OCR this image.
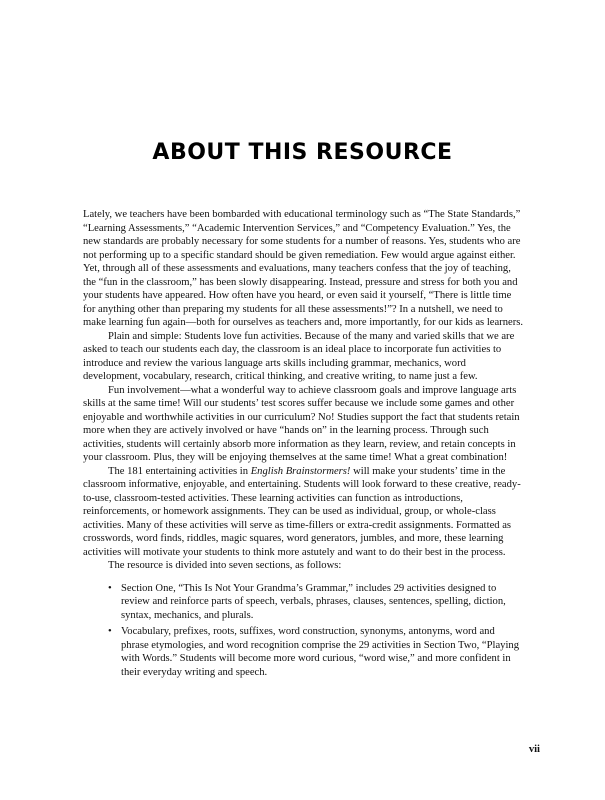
ABOUT THIS RESOURCE

Lately, we teachers have been bombarded with educational terminology such as “The State Standards,” “Learning Assessments,” “Academic Intervention Services,” and “Competency Evaluation.” Yes, the new standards are probably necessary for some students for a number of reasons. Yes, students who are not performing up to a specific standard should be given remediation. Few would argue against either. Yet, through all of these assessments and evaluations, many teachers confess that the joy of teaching, the “fun in the classroom,” has been slowly disappearing. Instead, pressure and stress for both you and your students have appeared. How often have you heard, or even said it yourself, “There is little time for anything other than preparing my students for all these assessments!”? In a nutshell, we need to make learning fun again—both for ourselves as teachers and, more importantly, for our kids as learners.

Plain and simple: Students love fun activities. Because of the many and varied skills that we are asked to teach our students each day, the classroom is an ideal place to incorporate fun activities to introduce and review the various language arts skills including grammar, mechanics, word development, vocabulary, research, critical thinking, and creative writing, to name just a few.

Fun involvement—what a wonderful way to achieve classroom goals and improve language arts skills at the same time! Will our students’ test scores suffer because we include some games and other enjoyable and worthwhile activities in our curriculum? No! Studies support the fact that students retain more when they are actively involved or have “hands on” in the learning process. Through such activities, students will certainly absorb more information as they learn, review, and retain concepts in your classroom. Plus, they will be enjoying themselves at the same time! What a great combination!

The 181 entertaining activities in English Brainstormers! will make your students’ time in the classroom informative, enjoyable, and entertaining. Students will look forward to these creative, ready-to-use, classroom-tested activities. These learning activities can function as introductions, reinforcements, or homework assignments. They can be used as individual, group, or whole-class activities. Many of these activities will serve as time-fillers or extra-credit assignments. Formatted as crosswords, word finds, riddles, magic squares, word generators, jumbles, and more, these learning activities will motivate your students to think more astutely and want to do their best in the process.

The resource is divided into seven sections, as follows:

• Section One, “This Is Not Your Grandma’s Grammar,” includes 29 activities designed to review and reinforce parts of speech, verbals, phrases, clauses, sentences, spelling, diction, syntax, mechanics, and plurals.
• Vocabulary, prefixes, roots, suffixes, word construction, synonyms, antonyms, word and phrase etymologies, and word recognition comprise the 29 activities in Section Two, “Playing with Words.” Students will become more word curious, “word wise,” and more confident in their everyday writing and speech.
vii
